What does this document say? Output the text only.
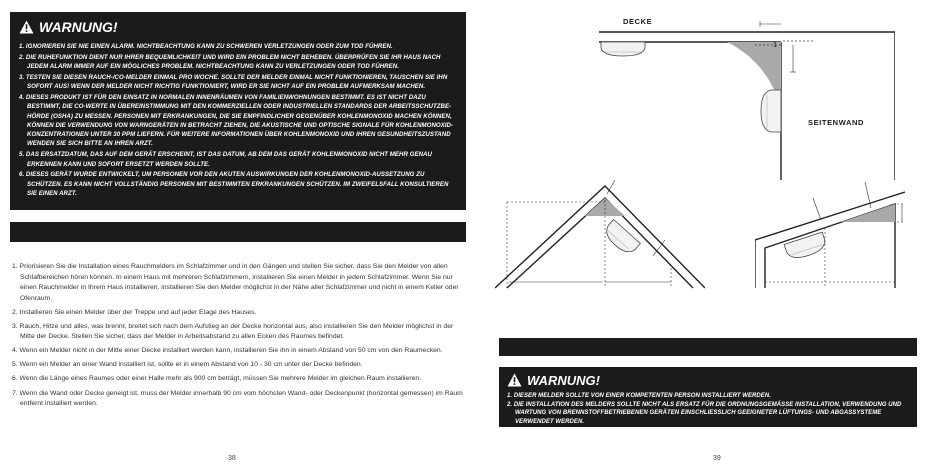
WARNUNG!
1. IGNORIEREN SIE NIE EINEN ALARM. NICHTBEACHTUNG KANN ZU SCHWEREN VERLETZUNGEN ODER ZUM TOD FÜHREN.
2. DIE RUHEFUNKTION DIENT NUR IHRER BEQUEMLICHKEIT UND WIRD EIN PROBLEM NICHT BEHEBEN. ÜBERPRÜFEN SIE IHR HAUS NACH JEDEM ALARM IMMER AUF EIN MÖGLICHES PROBLEM. NICHTBEACHTUNG KANN ZU VERLETZUNGEN ODER TOD FÜHREN.
3. TESTEN SIE DIESEN RAUCH-/CO-MELDER EINMAL PRO WOCHE. SOLLTE DER MELDER EINMAL NICHT FUNKTIONIEREN, TAUSCHEN SIE IHN SOFORT AUS! WENN DER MELDER NICHT RICHTIG FUNKTIONIERT, WIRD ER SIE NICHT AUF EIN PROBLEM AUFMERKSAM MACHEN.
4. DIESES PRODUKT IST FÜR DEN EINSATZ IN NORMALEN INNENRÄUMEN VON FAMILIENWOHNUNGEN BESTIMMT. ES IST NICHT DAZU BESTIMMT, DIE CO-WERTE IN ÜBEREINSTIMMUNG MIT DEN KOMMERZIELLEN ODER INDUSTRIELLEN STANDARDS DER ARBEITSSCHUTZBE-HÖRDE (OSHA) ZU MESSEN. PERSONEN MIT ERKRANKUNGEN, DIE SIE EMPFINDLICHER GEGENÜBER KOHLENMONOXID MACHEN KÖNNEN, KÖNNEN DIE VERWENDUNG VON WARNGERÄTEN IN BETRACHT ZIEHEN, DIE AKUSTISCHE UND OPTISCHE SIGNALE FÜR KOHLENMONOXID-KONZENTRATIONEN UNTER 30 PPM LIEFERN. FÜR WEITERE INFORMATIONEN ÜBER KOHLENMONOXID UND IHREN GESUNDHEITSZUSTAND WENDEN SIE SICH BITTE AN IHREN ARZT.
5. DAS ERSATZDATUM, DAS AUF DEM GERÄT ERSCHEINT, IST DAS DATUM, AB DEM DAS GERÄT KOHLENMONOXID NICHT MEHR GENAU ERKENNEN KANN UND SOFORT ERSETZT WERDEN SOLLTE.
6. DIESES GERÄT WURDE ENTWICKELT, UM PERSONEN VOR DEN AKUTEN AUSWIRKUNGEN DER KOHLENMONOXID-AUSSETZUNG ZU SCHÜTZEN. ES KANN NICHT VOLLSTÄNDIG PERSONEN MIT BESTIMMTEN ERKRANKUNGEN SCHÜTZEN. IM ZWEIFELSFALL KONSULTIEREN SIE EINEN ARZT.
1. Priorisieren Sie die Installation eines Rauchmelders im Schlafzimmer und in den Gängen und stellen Sie sicher, dass Sie den Melder von allen Schlafbereichen hören können. In einem Haus mit mehreren Schlafzimmern, installieren Sie einen Melder in jedem Schlafzimmer. Wenn Sie nur einen Rauchmelder in Ihrem Haus installieren, installieren Sie den Melder möglichst in der Nähe aller Schlafzimmer und nicht in einem Keller oder Ofenraum.
2. Installieren Sie einen Melder über der Treppe und auf jeder Etage des Hauses.
3. Rauch, Hitze und alles, was brennt, breitet sich nach dem Aufstieg an der Decke horizontal aus, also installieren Sie den Melder möglichst in der Mitte der Decke. Stellen Sie sicher, dass der Melder in Arbeitsabstand zu allen Ecken des Raumes befindet.
4. Wenn ein Melder nicht in der Mitte einer Decke installiert werden kann, installieren Sie ihn in einem Abstand von 50 cm von den Raumecken.
5. Wenn ein Melder an einer Wand installiert ist, sollte er in einem Abstand von 10 - 30 cm unter der Decke befinden.
6. Wenn die Länge eines Raumes oder einer Halle mehr als 900 cm beträgt, müssen Sie mehrere Melder im gleichen Raum installieren.
7. Wenn die Wand oder Decke geneigt ist, muss der Melder innerhalb 90 cm vom höchsten Wand- oder Deckenpunkt (horizontal gemessen) im Raum entfernt installiert werden.
38
DECKE
SEITENWAND
1
WARNUNG!
1. DIESER MELDER SOLLTE VON EINER KOMPETENTEN PERSON INSTALLIERT WERDEN.
2. DIE INSTALLATION DES MELDERS SOLLTE NICHT ALS ERSATZ FÜR DIE ORDNUNGSGEMÄSSE INSTALLATION, VERWENDUNG UND WARTUNG VON BRENNSTOFFBETRIEBENEN GERÄTEN EINSCHLIESSLICH GEEIGNETER LÜFTUNGS- UND ABGASSYSTEME VERWENDET WERDEN.
39
